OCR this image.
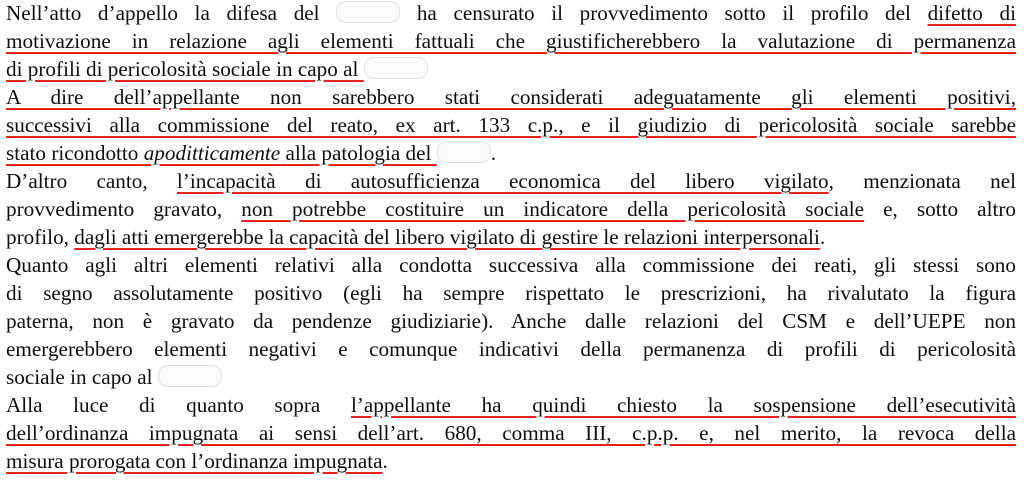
Nell’atto d’appello la difesa del	ha censurato il provvedimento sotto il profilo del difetto di
motivazione in relazione agli elementi fattuali che giustificherebbero la valutazione di permanenza
di profili di pericolosità sociale in capo al
A dire dell’appellante non sarebbero stati considerati adeguatamente gli elementi positivi,
successivi alla commissione del reato, ex art. 133 c.p., e il giudizio di pericolosità sociale sarebbe
stato ricondotto apoditticamente alla patologia del	.
D’altro canto, l’incapacità di autosufficienza economica del libero vigilato, menzionata nel
provvedimento gravato, non potrebbe costituire un indicatore della pericolosità sociale e, sotto altro
profilo, dagli atti emergerebbe la capacità del libero vigilato di gestire le relazioni interpersonali.
Quanto agli altri elementi relativi alla condotta successiva alla commissione dei reati, gli stessi sono
di segno assolutamente positivo (egli ha sempre rispettato le prescrizioni, ha rivalutato la figura
paterna, non è gravato da pendenze giudiziarie). Anche dalle relazioni del CSM e dell’UEPE non
emergerebbero elementi negativi e comunque indicativi della permanenza di profili di pericolosità
sociale in capo al
Alla luce di quanto sopra l’appellante ha quindi chiesto la sospensione dell’esecutività
dell’ordinanza impugnata ai sensi dell’art. 680, comma III, c.p.p. e, nel merito, la revoca della
misura prorogata con l’ordinanza impugnata.
